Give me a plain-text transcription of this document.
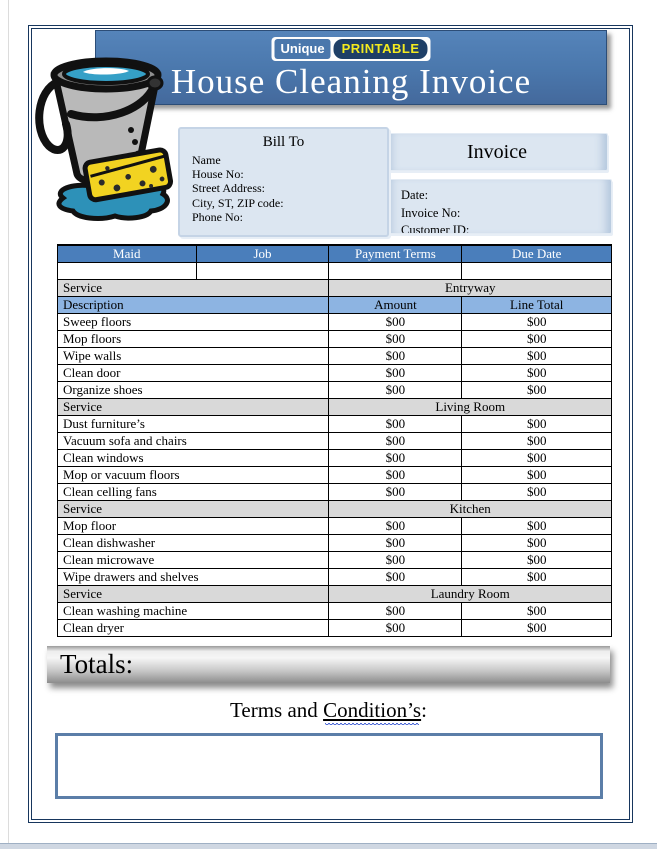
Unique	PRINTABLE
House Cleaning Invoice
Bill To
Name
House No:
Street Address:
City, ST, ZIP code:
Phone No:
Invoice
Date:
Invoice No:
Customer ID:
Maid	Job	Payment Terms	Due Date

Service		Entryway	
Description		Amount	Line Total
Sweep floors		$00	$00
Mop floors		$00	$00
Wipe walls		$00	$00
Clean door		$00	$00
Organize shoes		$00	$00
Service		Living Room	
Dust furniture’s		$00	$00
Vacuum sofa and chairs		$00	$00
Clean windows		$00	$00
Mop or vacuum floors		$00	$00
Clean celling fans		$00	$00
Service		Kitchen	
Mop floor		$00	$00
Clean dishwasher		$00	$00
Clean microwave		$00	$00
Wipe drawers and shelves		$00	$00
Service		Laundry Room	
Clean washing machine		$00	$00
Clean dryer		$00	$00
Totals:
Terms and Condition’s:
